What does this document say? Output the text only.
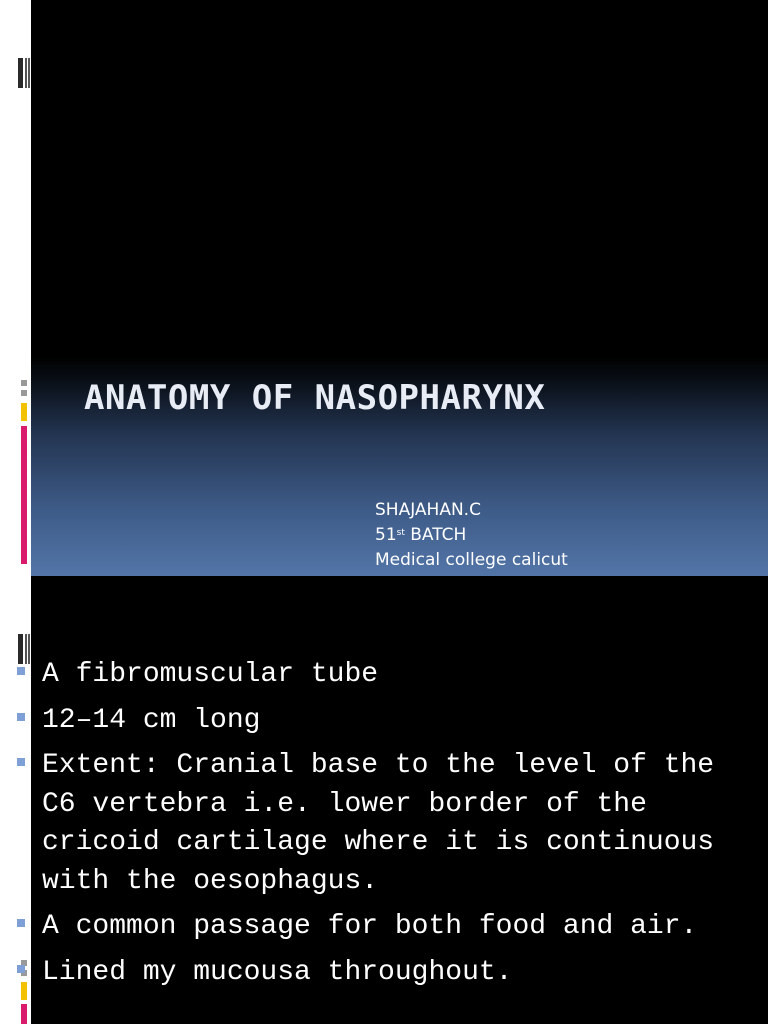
ANATOMY OF NASOPHARYNX
SHAJAHAN.C
51st BATCH
Medical college calicut
A fibromuscular tube
12–14 cm long
Extent: Cranial base to the level of the C6 vertebra i.e. lower border of the cricoid cartilage where it is continuous with the oesophagus.
A common passage for both food and air.
Lined my mucousa throughout.
